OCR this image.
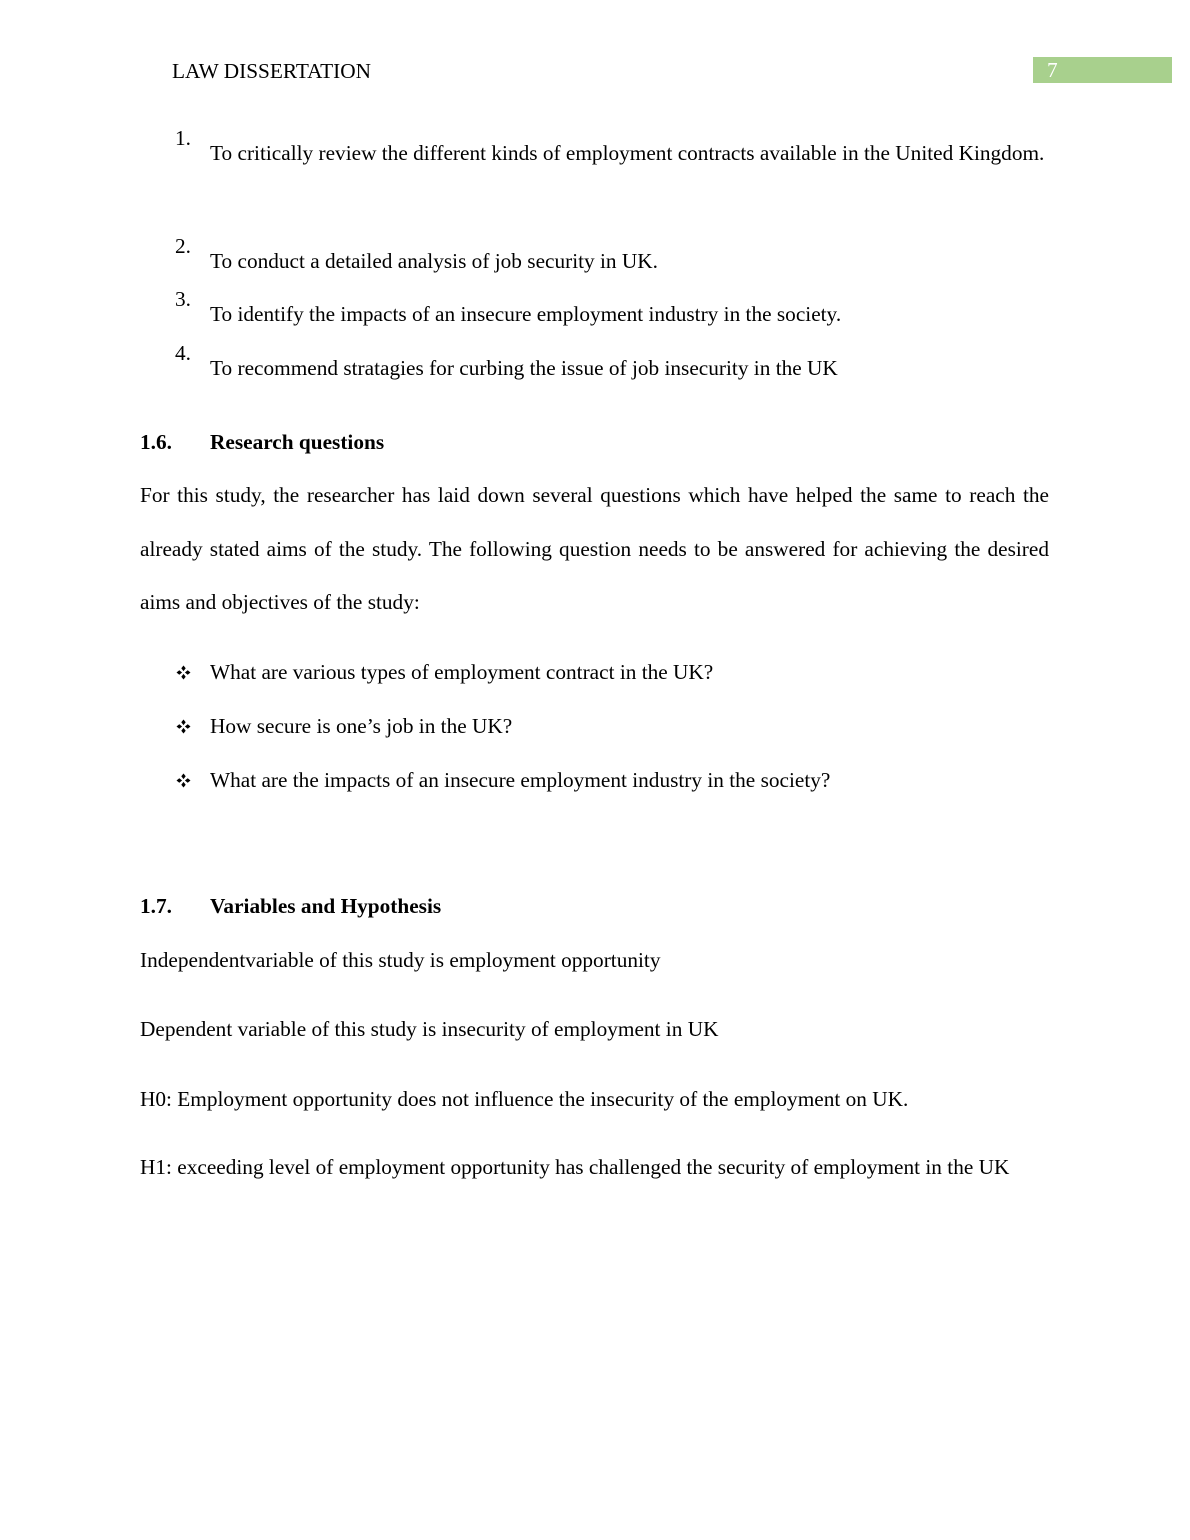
LAW DISSERTATION	7
1.
To critically review the different kinds of employment contracts available in the United Kingdom.
2.
To conduct a detailed analysis of job security in UK.
3.
To identify the impacts of an insecure employment industry in the society.
4.
To recommend stratagies for curbing the issue of job insecurity in the UK
1.6. Research questions
For this study, the researcher has laid down several questions which have helped the same to reach the already stated aims of the study. The following question needs to be answered for achieving the desired aims and objectives of the study:
What are various types of employment contract in the UK?
How secure is one’s job in the UK?
What are the impacts of an insecure employment industry in the society?
1.7. Variables and Hypothesis
Independentvariable of this study is employment opportunity
Dependent variable of this study is insecurity of employment in UK
H0: Employment opportunity does not influence the insecurity of the employment on UK.
H1: exceeding level of employment opportunity has challenged the security of employment in the UK
